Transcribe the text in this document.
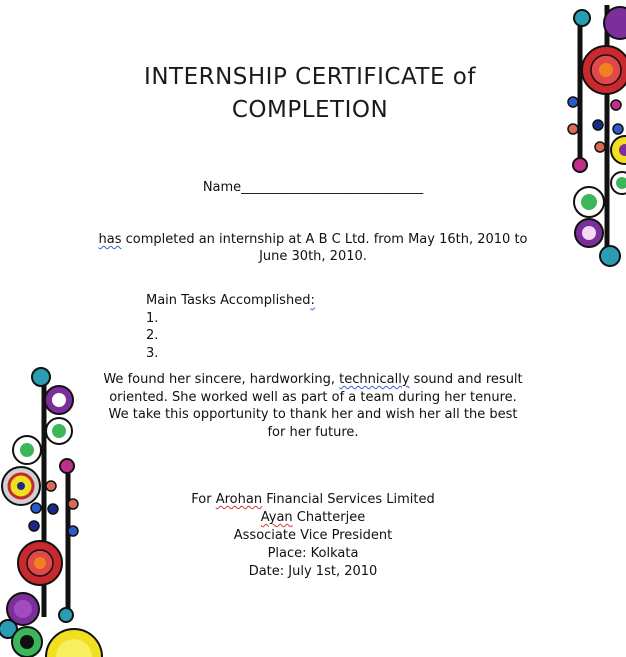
INTERNSHIP CERTIFICATE of
COMPLETION

Name____________________________

has completed an internship at A B C Ltd. from May 16th, 2010 to

June 30th, 2010.

Main Tasks Accomplished:
1.
2.
3.

We found her sincere, hardworking, technically sound and result

oriented. She worked well as part of a team during her tenure.

We take this opportunity to thank her and wish her all the best

for her future.

For Arohan Financial Services Limited

Ayan Chatterjee

Associate Vice President

Place: Kolkata

Date: July 1st, 2010
